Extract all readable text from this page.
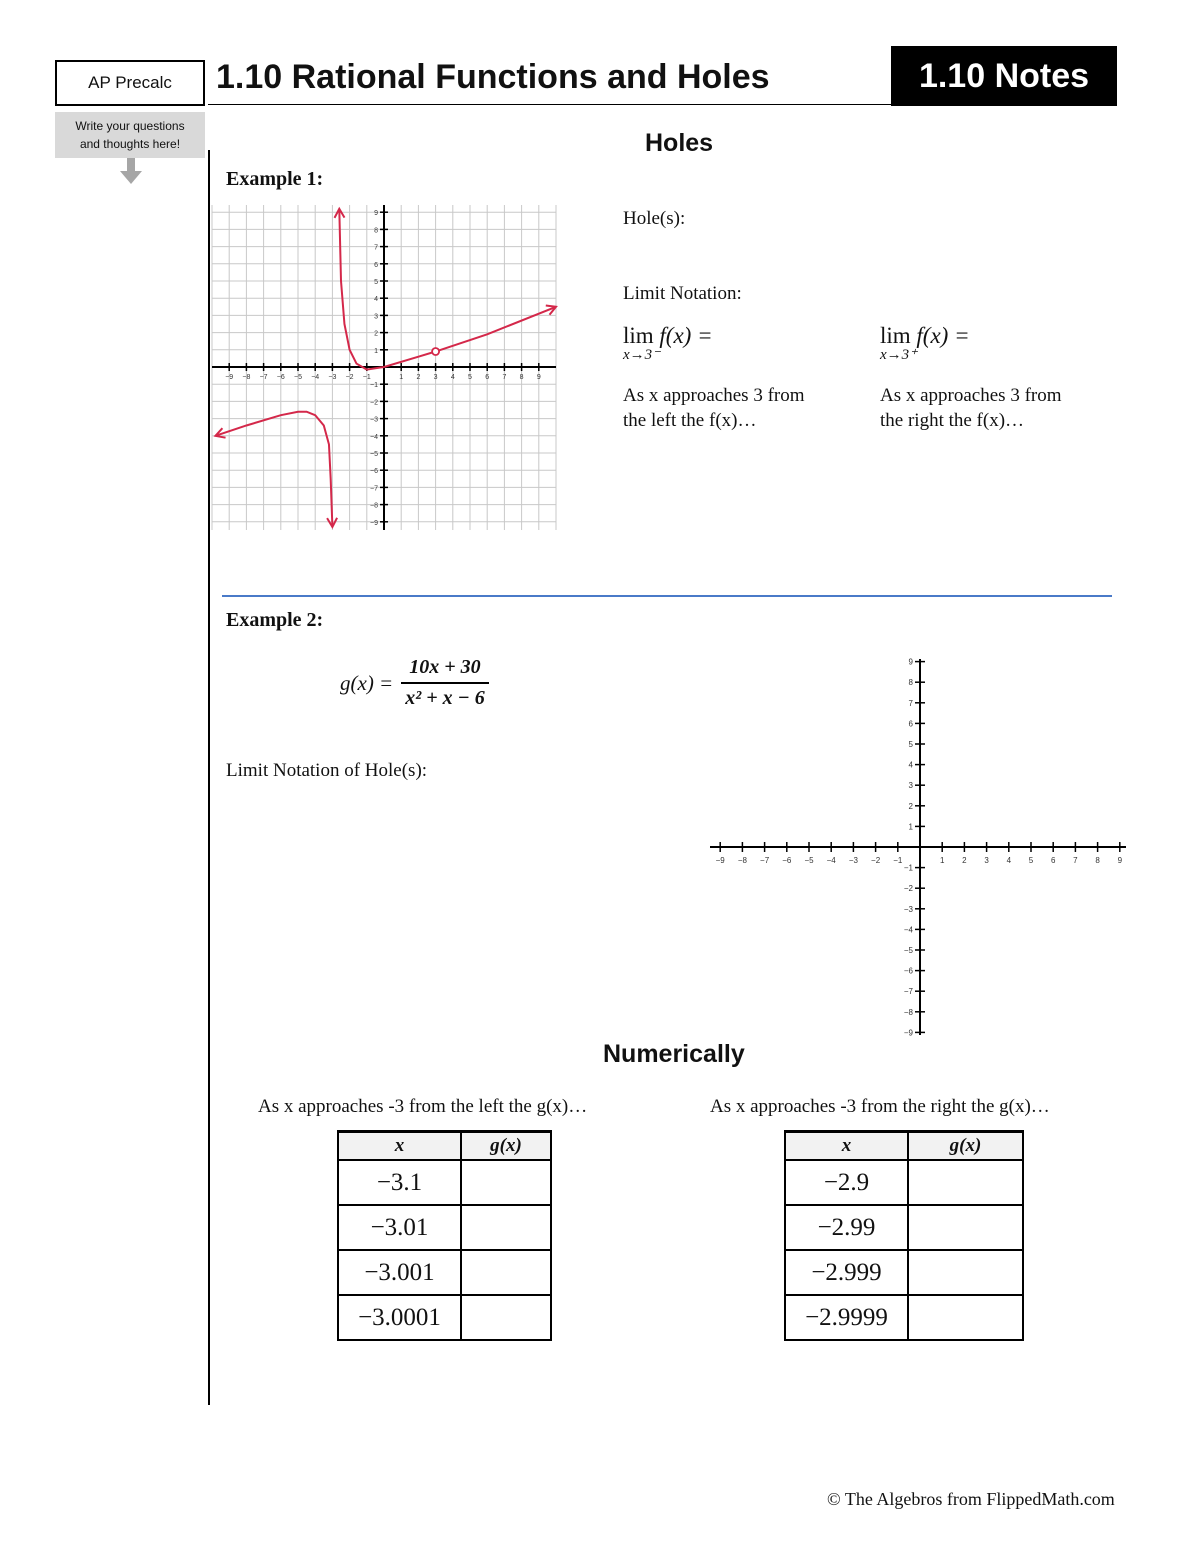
AP Precalc
Write your questions
and thoughts here!
1.10 Rational Functions and Holes	1.10 Notes
Holes
Example 1:
−9 −8 −7 −6 −5 −4 −3 −2 −1	1 2 3 4 5 6 7 8 9
9
8
7
6
5
4
3
2
1
−1
−2
−3
−4
−5
−6
−7
−8
−9
Hole(s):
Limit Notation:
lim f(x) =
x→3⁻
lim f(x) =
x→3⁺
As x approaches 3 from
the left the f(x)…
As x approaches 3 from
the right the f(x)…
Example 2:
$g(x) = \frac{10x + 30}{\text{x² + x − 6}}$
Limit Notation of Hole(s):
−9 −8 −7 −6 −5 −4 −3 −2 −1	1 2 3 4 5 6 7 8 9
9
8
7
6
5
4
3
2
1
−1
−2
−3
−4
−5
−6
−7
−8
−9
Numerically
As x approaches -3 from the left the g(x)…	As x approaches -3 from the right the g(x)…
x	g(x)
−3.1	
−3.01	
−3.001	
−3.0001	
x	g(x)
−2.9	
−2.99	
−2.999	
−2.9999	
© The Algebros from FlippedMath.com
